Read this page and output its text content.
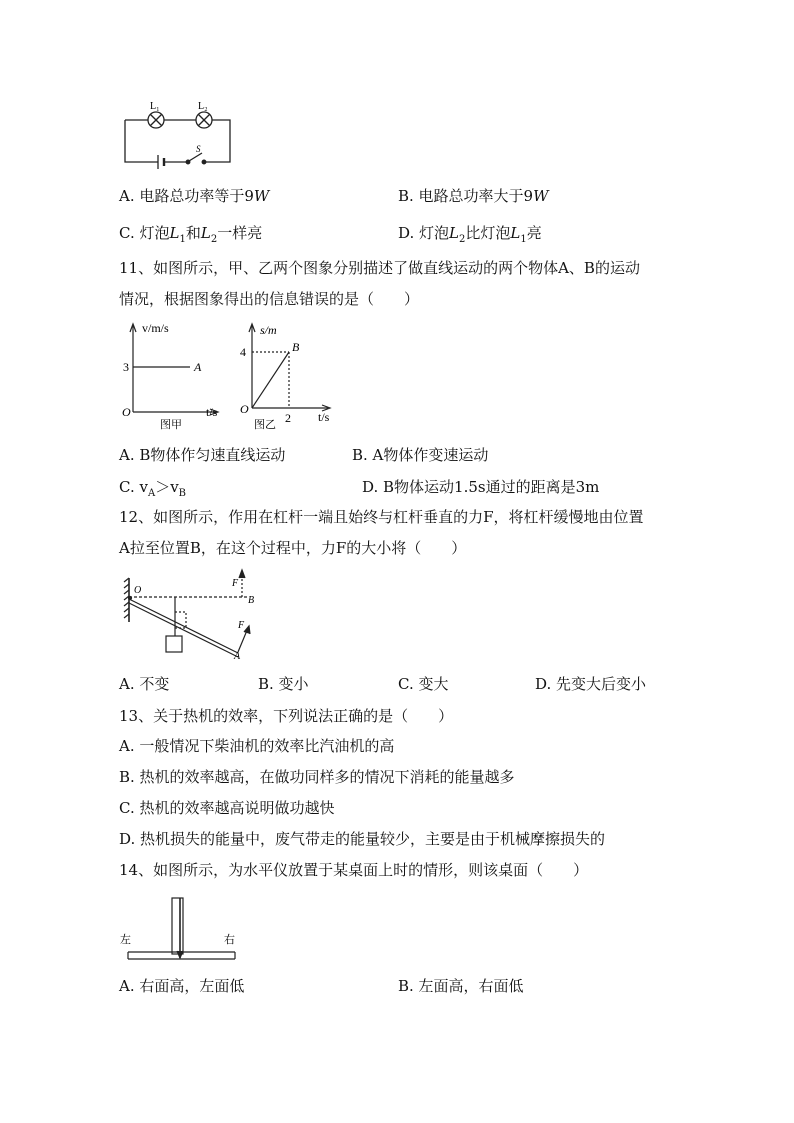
L₁	L₂
S
A. 电路总功率等于9W	B. 电路总功率大于9W
C. 灯泡$L_1$和$L_2$一样亮	D. 灯泡$L_2$比灯泡$L_1$亮
11、如图所示，甲、乙两个图象分别描述了做直线运动的两个物体A、B的运动
情况，根据图象得出的信息错误的是（　　）
v/m/s
3	A
O	t/s
图甲
s/m
4	B
O
2 t/s
图乙
A. B物体作匀速直线运动	B. A物体作变速运动
C. $v_A>v_B$	D. B物体运动1.5s通过的距离是3m
12、如图所示，作用在杠杆一端且始终与杠杆垂直的力F，将杠杆缓慢地由位置
A拉至位置B，在这个过程中，力F的大小将（　　）
O
B
F
F
A
A. 不变	B. 变小	C. 变大	D. 先变大后变小
13、关于热机的效率，下列说法正确的是（　　）
A. 一般情况下柴油机的效率比汽油机的高
B. 热机的效率越高，在做功同样多的情况下消耗的能量越多
C. 热机的效率越高说明做功越快
D. 热机损失的能量中，废气带走的能量较少，主要是由于机械摩擦损失的
14、如图所示，为水平仪放置于某桌面上时的情形，则该桌面（　　）
左	右
A. 右面高，左面低	B. 左面高，右面低
